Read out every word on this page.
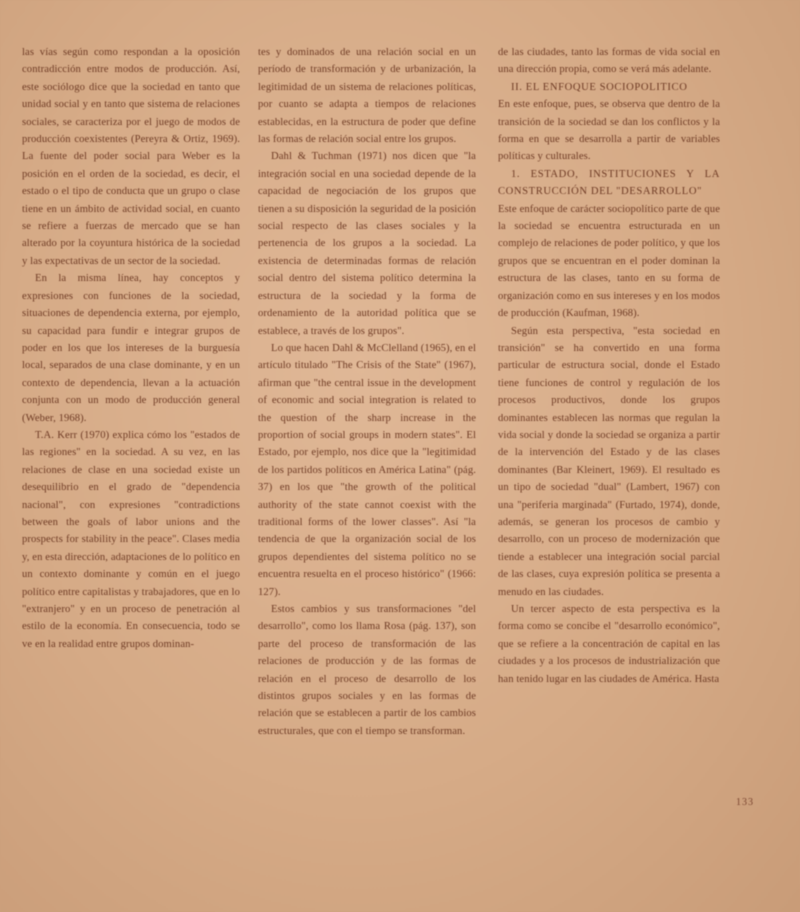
las vías según como respondan a la oposición contradicción entre modos de producción. Así, este sociólogo dice que la sociedad en tanto que unidad social y en tanto que sistema de relaciones sociales, se caracteriza por el juego de modos de producción coexistentes (Pereyra & Ortiz, 1969). La fuente del poder social para Weber es la posición en el orden de la sociedad, es decir, el estado o el tipo de conducta que un grupo o clase tiene en un ámbito de actividad social, en cuanto se refiere a fuerzas de mercado que se han alterado por la coyuntura histórica de la sociedad y las expectativas de un sector de la sociedad.

En la misma línea, hay conceptos y expresiones con funciones de la sociedad, situaciones de dependencia externa, por ejemplo, su capacidad para fundir e integrar grupos de poder en los que los intereses de la burguesía local, separados de una clase dominante, y en un contexto de dependencia, llevan a la actuación conjunta con un modo de producción general (Weber, 1968).

T.A. Kerr (1970) explica cómo los "estados de las regiones" en la sociedad. A su vez, en las relaciones de clase en una sociedad existe un desequilibrio en el grado de "dependencia nacional", con expresiones "contradictions between the goals of labor unions and the prospects for stability in the peace". Clases media y, en esta dirección, adaptaciones de lo político en un contexto dominante y común en el juego político entre capitalistas y trabajadores, que en lo "extranjero" y en un proceso de penetración al estilo de la economía. En consecuencia, todo se ve en la realidad entre grupos dominan-

tes y dominados de una relación social en un período de transformación y de urbanización, la legitimidad de un sistema de relaciones políticas, por cuanto se adapta a tiempos de relaciones establecidas, en la estructura de poder que define las formas de relación social entre los grupos.

Dahl & Tuchman (1971) nos dicen que "la integración social en una sociedad depende de la capacidad de negociación de los grupos que tienen a su disposición la seguridad de la posición social respecto de las clases sociales y la pertenencia de los grupos a la sociedad. La existencia de determinadas formas de relación social dentro del sistema político determina la estructura de la sociedad y la forma de ordenamiento de la autoridad política que se establece, a través de los grupos".

Lo que hacen Dahl & McClelland (1965), en el artículo titulado "The Crisis of the State" (1967), afirman que "the central issue in the development of economic and social integration is related to the question of the sharp increase in the proportion of social groups in modern states". El Estado, por ejemplo, nos dice que la "legitimidad de los partidos políticos en América Latina" (pág. 37) en los que "the growth of the political authority of the state cannot coexist with the traditional forms of the lower classes". Así "la tendencia de que la organización social de los grupos dependientes del sistema político no se encuentra resuelta en el proceso histórico" (1966: 127).

Estos cambios y sus transformaciones "del desarrollo", como los llama Rosa (pág. 137), son parte del proceso de transformación de las relaciones de producción y de las formas de relación en el proceso de desarrollo de los distintos grupos sociales y en las formas de relación que se establecen a partir de los cambios estructurales, que con el tiempo se transforman.

de las ciudades, tanto las formas de vida social en una dirección propia, como se verá más adelante.

II. EL ENFOQUE SOCIOPOLITICO

En este enfoque, pues, se observa que dentro de la transición de la sociedad se dan los conflictos y la forma en que se desarrolla a partir de variables políticas y culturales.

1. ESTADO, INSTITUCIONES Y LA CONSTRUCCIÓN DEL "DESARROLLO"

Este enfoque de carácter sociopolítico parte de que la sociedad se encuentra estructurada en un complejo de relaciones de poder político, y que los grupos que se encuentran en el poder dominan la estructura de las clases, tanto en su forma de organización como en sus intereses y en los modos de producción (Kaufman, 1968).

Según esta perspectiva, "esta sociedad en transición" se ha convertido en una forma particular de estructura social, donde el Estado tiene funciones de control y regulación de los procesos productivos, donde los grupos dominantes establecen las normas que regulan la vida social y donde la sociedad se organiza a partir de la intervención del Estado y de las clases dominantes (Bar Kleinert, 1969). El resultado es un tipo de sociedad "dual" (Lambert, 1967) con una "periferia marginada" (Furtado, 1974), donde, además, se generan los procesos de cambio y desarrollo, con un proceso de modernización que tiende a establecer una integración social parcial de las clases, cuya expresión política se presenta a menudo en las ciudades.

Un tercer aspecto de esta perspectiva es la forma como se concibe el "desarrollo económico", que se refiere a la concentración de capital en las ciudades y a los procesos de industrialización que han tenido lugar en las ciudades de América. Hasta

133
